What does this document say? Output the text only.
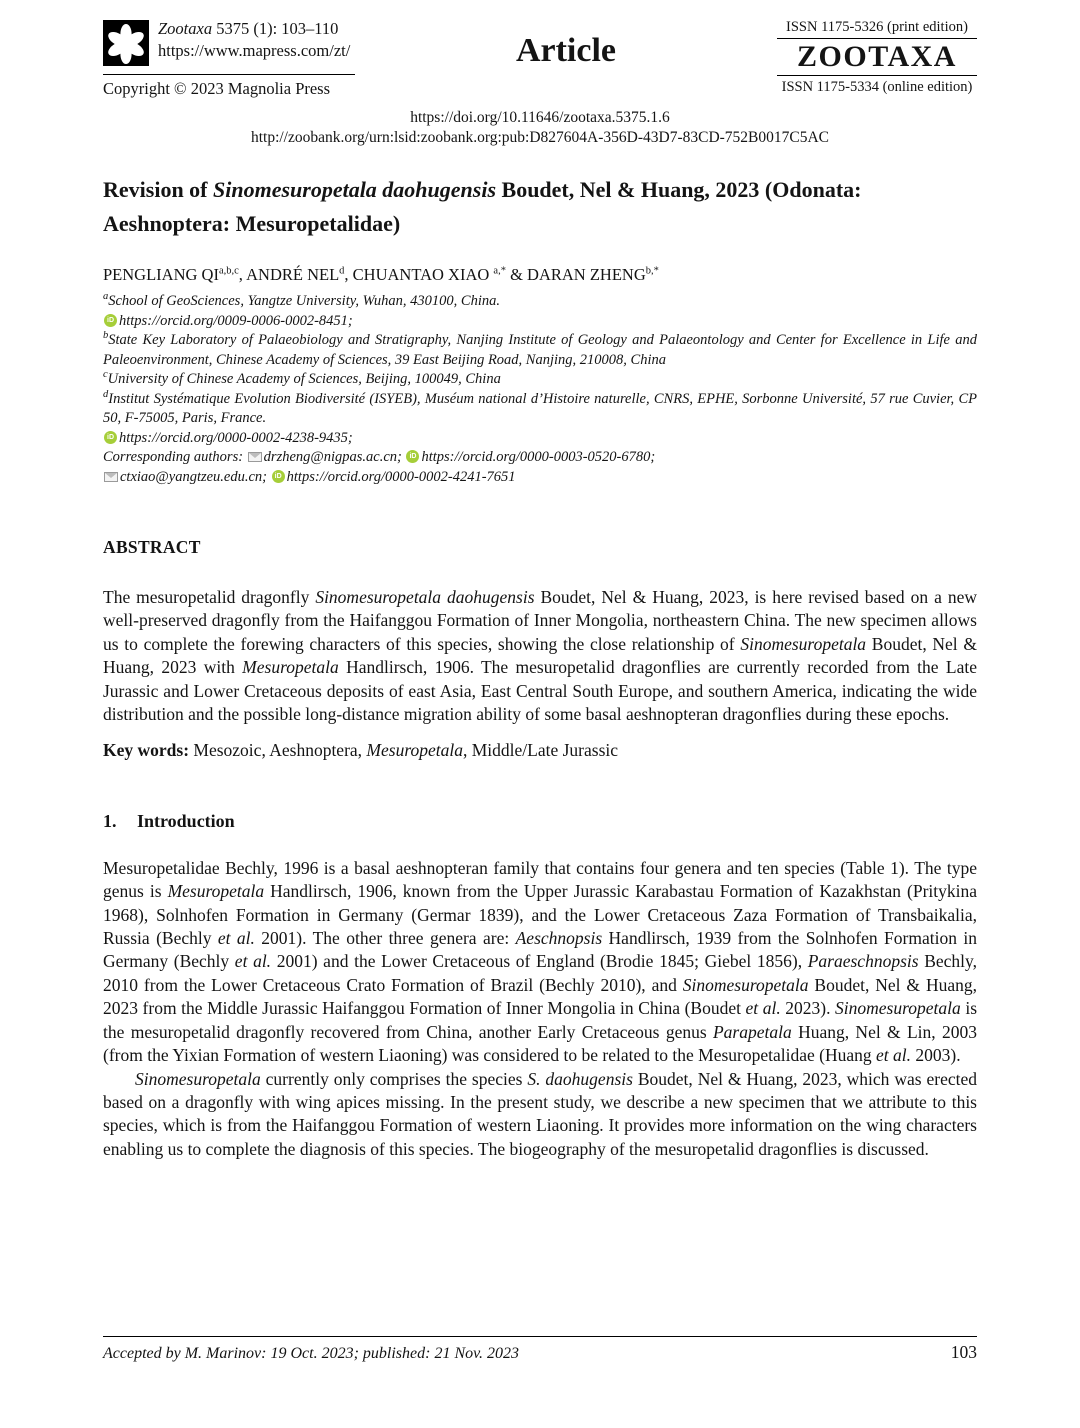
Zootaxa 5375 (1): 103–110
https://www.mapress.com/zt/
Copyright © 2023 Magnolia Press
Article
ISSN 1175-5326 (print edition)
ZOOTAXA
ISSN 1175-5334 (online edition)
https://doi.org/10.11646/zootaxa.5375.1.6
http://zoobank.org/urn:lsid:zoobank.org:pub:D827604A-356D-43D7-83CD-752B0017C5AC
Revision of Sinomesuropetala daohugensis Boudet, Nel & Huang, 2023 (Odonata: Aeshnoptera: Mesuropetalidae)
PENGLIANG QI$^{a,b,c}$, ANDRÉ NEL$^d$, CHUANTAO XIAO $^{a,*}$ & DARAN $ZHENG^{b,*}$

$^a$School of GeoSciences, Yangtze University, Wuhan, 430100, China.

iDhttps://orcid.org/0009-0006-0002-8451;

$^b$State Key Laboratory of Palaeobiology and Stratigraphy, Nanjing Institute of Geology and Palaeontology and Center for Excellence in Life and Paleoenvironment, Chinese Academy of Sciences, 39 East Beijing Road, Nanjing, 210008, China

$^c$University of Chinese Academy of Sciences, Beijing, 100049, China

$^d$Institut Systématique Evolution Biodiversité (ISYEB), Muséum national d’Histoire naturelle, CNRS, EPHE, Sorbonne Université, 57 rue Cuvier, CP 50, F-75005, Paris, France.

iDhttps://orcid.org/0000-0002-4238-9435;

Corresponding authors: drzheng@nigpas.ac.cn; iDhttps://orcid.org/0000-0003-0520-6780;

ctxiao@yangtzeu.edu.cn; iDhttps://orcid.org/0000-0002-4241-7651

ABSTRACT

The mesuropetalid dragonfly Sinomesuropetala daohugensis Boudet, Nel & Huang, 2023, is here revised based on a new well-preserved dragonfly from the Haifanggou Formation of Inner Mongolia, northeastern China. The new specimen allows us to complete the forewing characters of this species, showing the close relationship of Sinomesuropetala Boudet, Nel & Huang, 2023 with Mesuropetala Handlirsch, 1906. The mesuropetalid dragonflies are currently recorded from the Late Jurassic and Lower Cretaceous deposits of east Asia, East Central South Europe, and southern America, indicating the wide distribution and the possible long-distance migration ability of some basal aeshnopteran dragonflies during these epochs.

Key words: Mesozoic, Aeshnoptera, Mesuropetala, Middle/Late Jurassic

1. Introduction

Mesuropetalidae Bechly, 1996 is a basal aeshnopteran family that contains four genera and ten species (Table 1). The type genus is Mesuropetala Handlirsch, 1906, known from the Upper Jurassic Karabastau Formation of Kazakhstan (Pritykina 1968), Solnhofen Formation in Germany (Germar 1839), and the Lower Cretaceous Zaza Formation of Transbaikalia, Russia (Bechly et al. 2001). The other three genera are: Aeschnopsis Handlirsch, 1939 from the Solnhofen Formation in Germany (Bechly et al. 2001) and the Lower Cretaceous of England (Brodie 1845; Giebel 1856), Paraeschnopsis Bechly, 2010 from the Lower Cretaceous Crato Formation of Brazil (Bechly 2010), and Sinomesuropetala Boudet, Nel & Huang, 2023 from the Middle Jurassic Haifanggou Formation of Inner Mongolia in China (Boudet et al. 2023). Sinomesuropetala is the mesuropetalid dragonfly recovered from China, another Early Cretaceous genus Parapetala Huang, Nel & Lin, 2003 (from the Yixian Formation of western Liaoning) was considered to be related to the Mesuropetalidae (Huang et al. 2003).

Sinomesuropetala currently only comprises the species S. daohugensis Boudet, Nel & Huang, 2023, which was erected based on a dragonfly with wing apices missing. In the present study, we describe a new specimen that we attribute to this species, which is from the Haifanggou Formation of western Liaoning. It provides more information on the wing characters enabling us to complete the diagnosis of this species. The biogeography of the mesuropetalid dragonflies is discussed.

Accepted by M. Marinov: 19 Oct. 2023; published: 21 Nov. 2023	103
